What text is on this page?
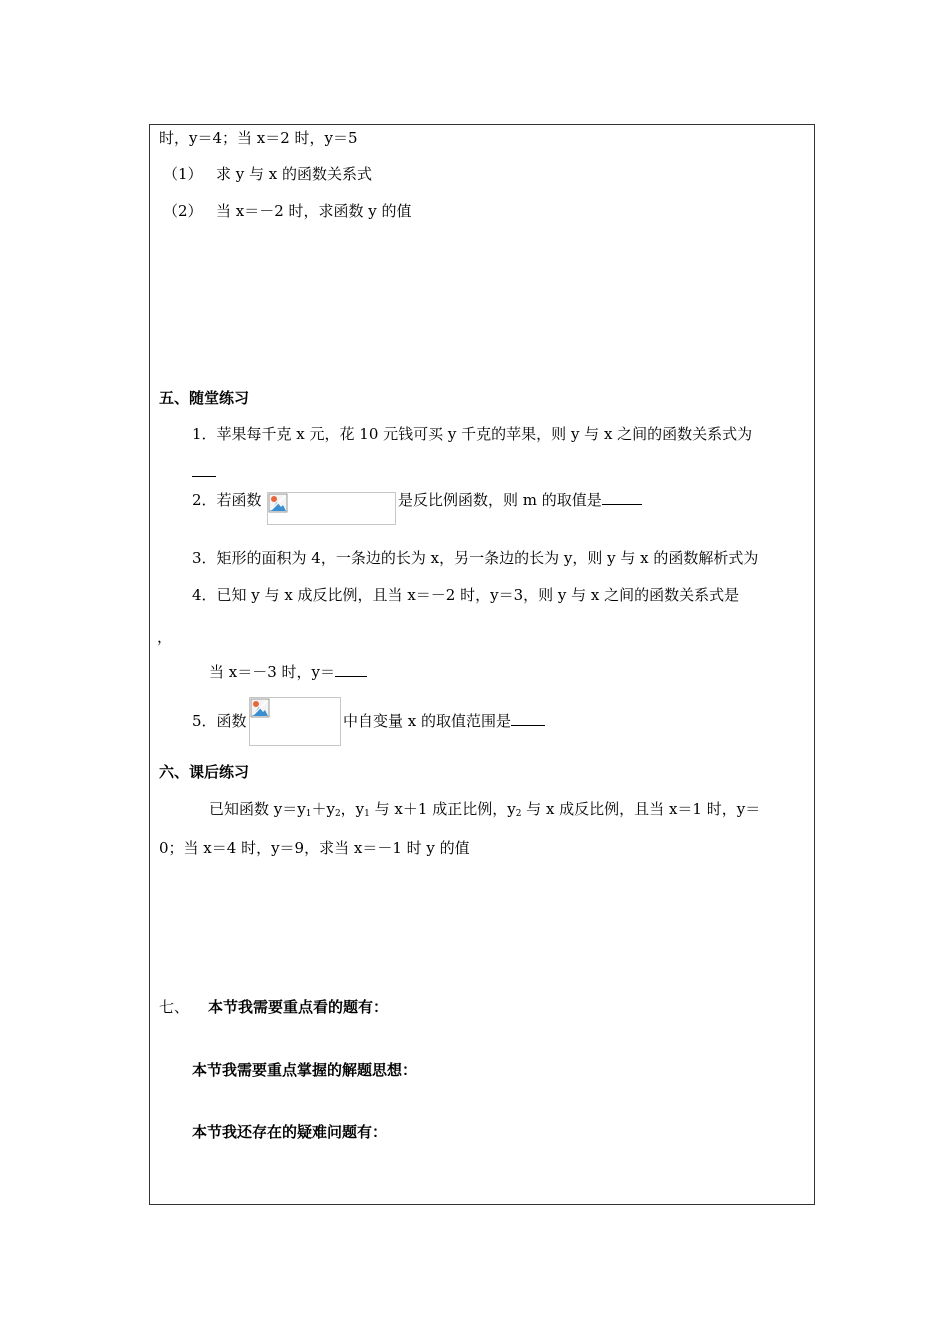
时，y＝4；当 x＝2 时，y＝5
（1） 求 y 与 x 的函数关系式
（2） 当 x＝－2 时，求函数 y 的值
五、随堂练习
1．苹果每千克 x 元，花 10 元钱可买 y 千克的苹果，则 y 与 x 之间的函数关系式为
2．若函数	是反比例函数，则 m 的取值是
3．矩形的面积为 4，一条边的长为 x，另一条边的长为 y，则 y 与 x 的函数解析式为
4．已知 y 与 x 成反比例，且当 x＝－2 时，y＝3，则 y 与 x 之间的函数关系式是
，
当 x＝－3 时，y＝
5．函数	中自变量 x 的取值范围是
六、课后练习
已知函数 $y=y_1+y_2$，$y_1$ 与 x＋1 成正比例，$y_2$ 与 x 成反比例，且当 x＝1 时，y＝
0；当 x＝4 时，y＝9，求当 x＝－1 时 y 的值
七、 本节我需要重点看的题有：
本节我需要重点掌握的解题思想：
本节我还存在的疑难问题有：
